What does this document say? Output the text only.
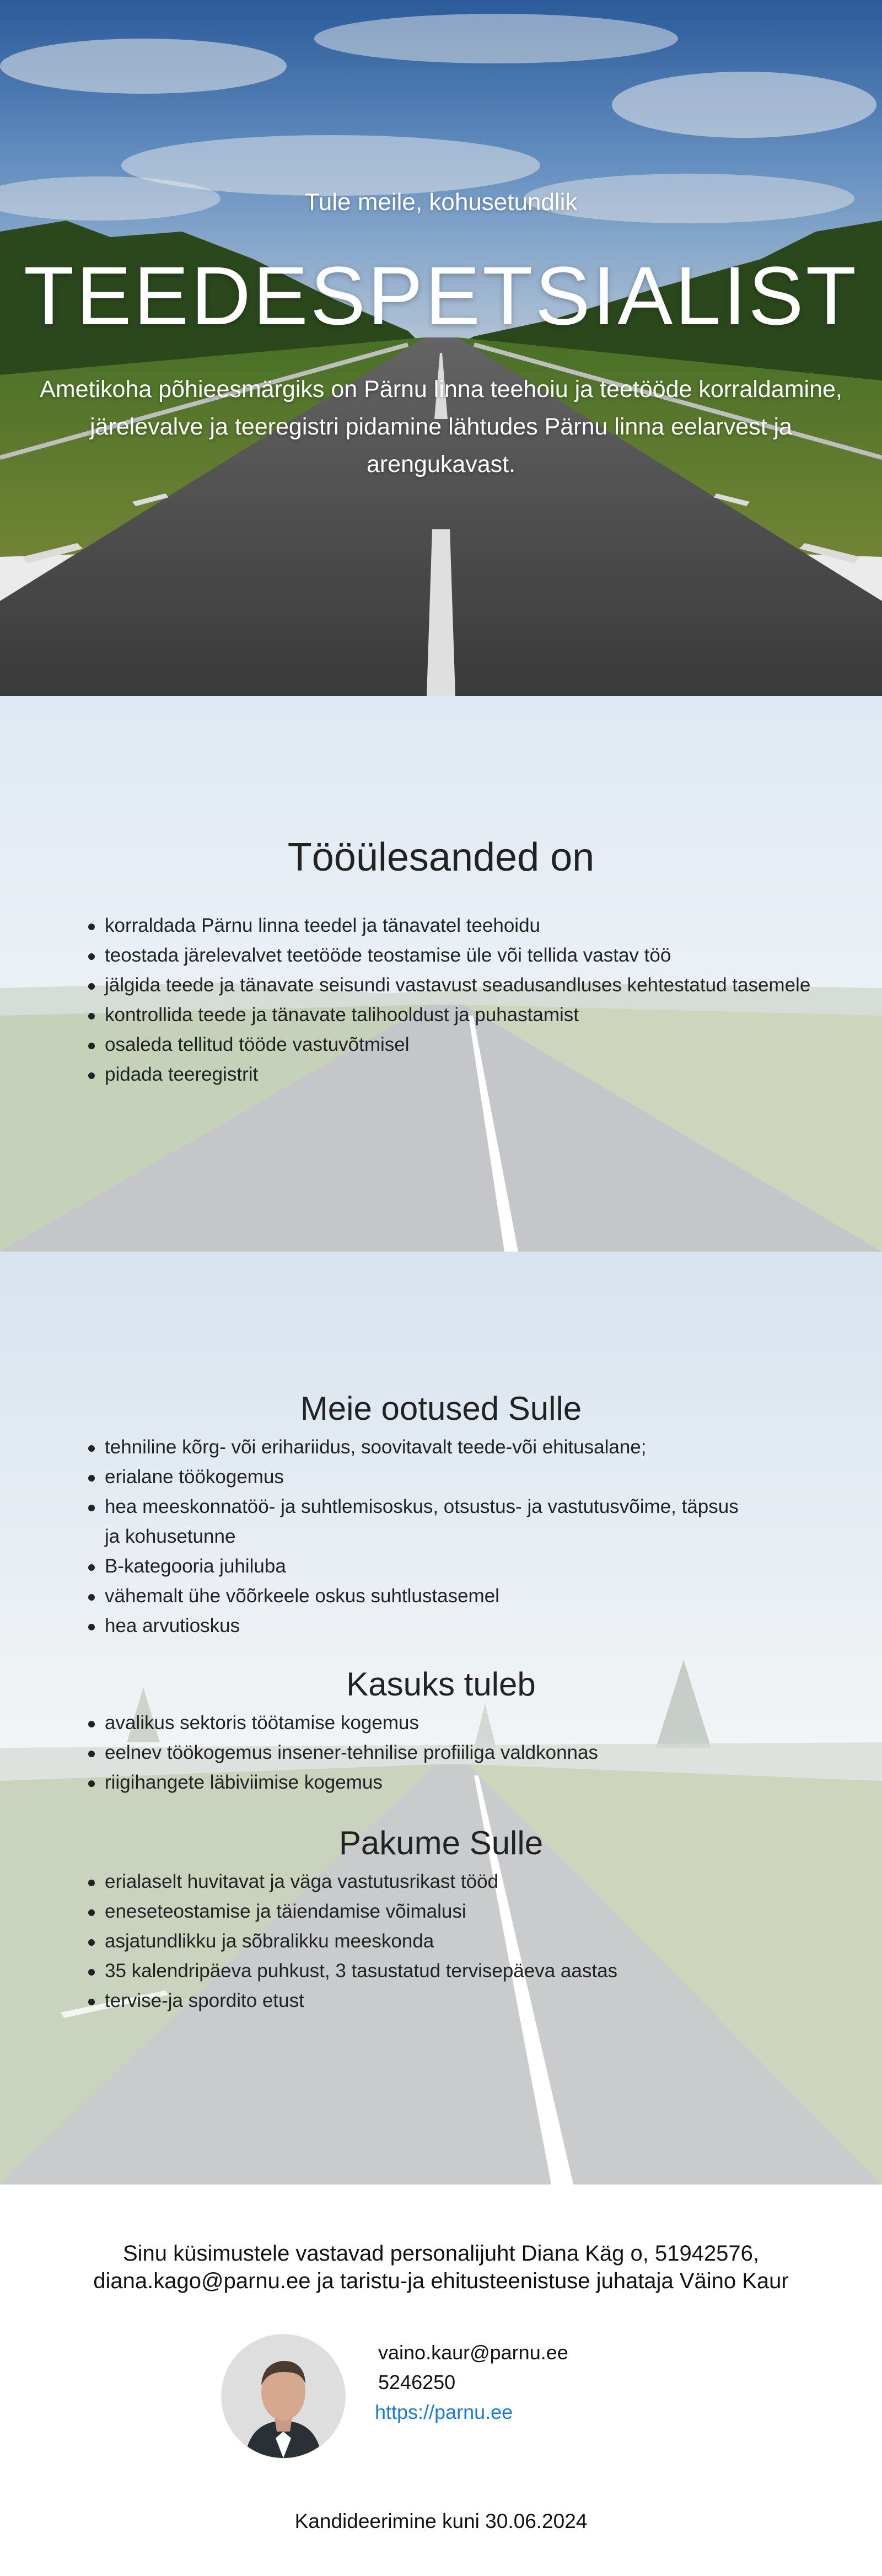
Tule meile, kohusetundlik
TEEDESPETSIALIST

Ametikoha põhieesmärgiks on Pärnu linna teehoiu ja teetööde korraldamine, järelevalve ja teeregistri pidamine lähtudes Pärnu linna eelarvest ja arengukavast.

Tööülesanded on
korraldada Pärnu linna teedel ja tänavatel teehoidu
teostada järelevalvet teetööde teostamise üle või tellida vastav töö
jälgida teede ja tänavate seisundi vastavust seadusandluses kehtestatud tasemele
kontrollida teede ja tänavate talihooldust ja puhastamist
osaleda tellitud tööde vastuvõtmisel
pidada teeregistrit
Meie ootused Sulle
tehniline kõrg- või erihariidus, soovitavalt teede-või ehitusalane;
erialane töökogemus
hea meeskonnatöö- ja suhtlemisoskus, otsustus- ja vastutusvõime, täpsus ja kohusetunne
B-kategooria juhiluba
vähemalt ühe võõrkeele oskus suhtlustasemel
hea arvutioskus
Kasuks tuleb
avalikus sektoris töötamise kogemus
eelnev töökogemus insener-tehnilise profiiliga valdkonnas
riigihangete läbiviimise kogemus
Pakume Sulle
erialaselt huvitavat ja väga vastutusrikast tööd
eneseteostamise ja täiendamise võimalusi
asjatundlikku ja sõbralikku meeskonda
35 kalendripäeva puhkust, 3 tasustatud tervisepäeva aastas
tervise-ja spordito etust

Sinu küsimustele vastavad personalijuht Diana Käg o, 51942576, diana.kago@parnu.ee ja taristu-ja ehitusteenistuse juhataja Väino Kaur

vaino.kaur@parnu.ee
5246250
https://parnu.ee
Kandideerimine kuni 30.06.2024
